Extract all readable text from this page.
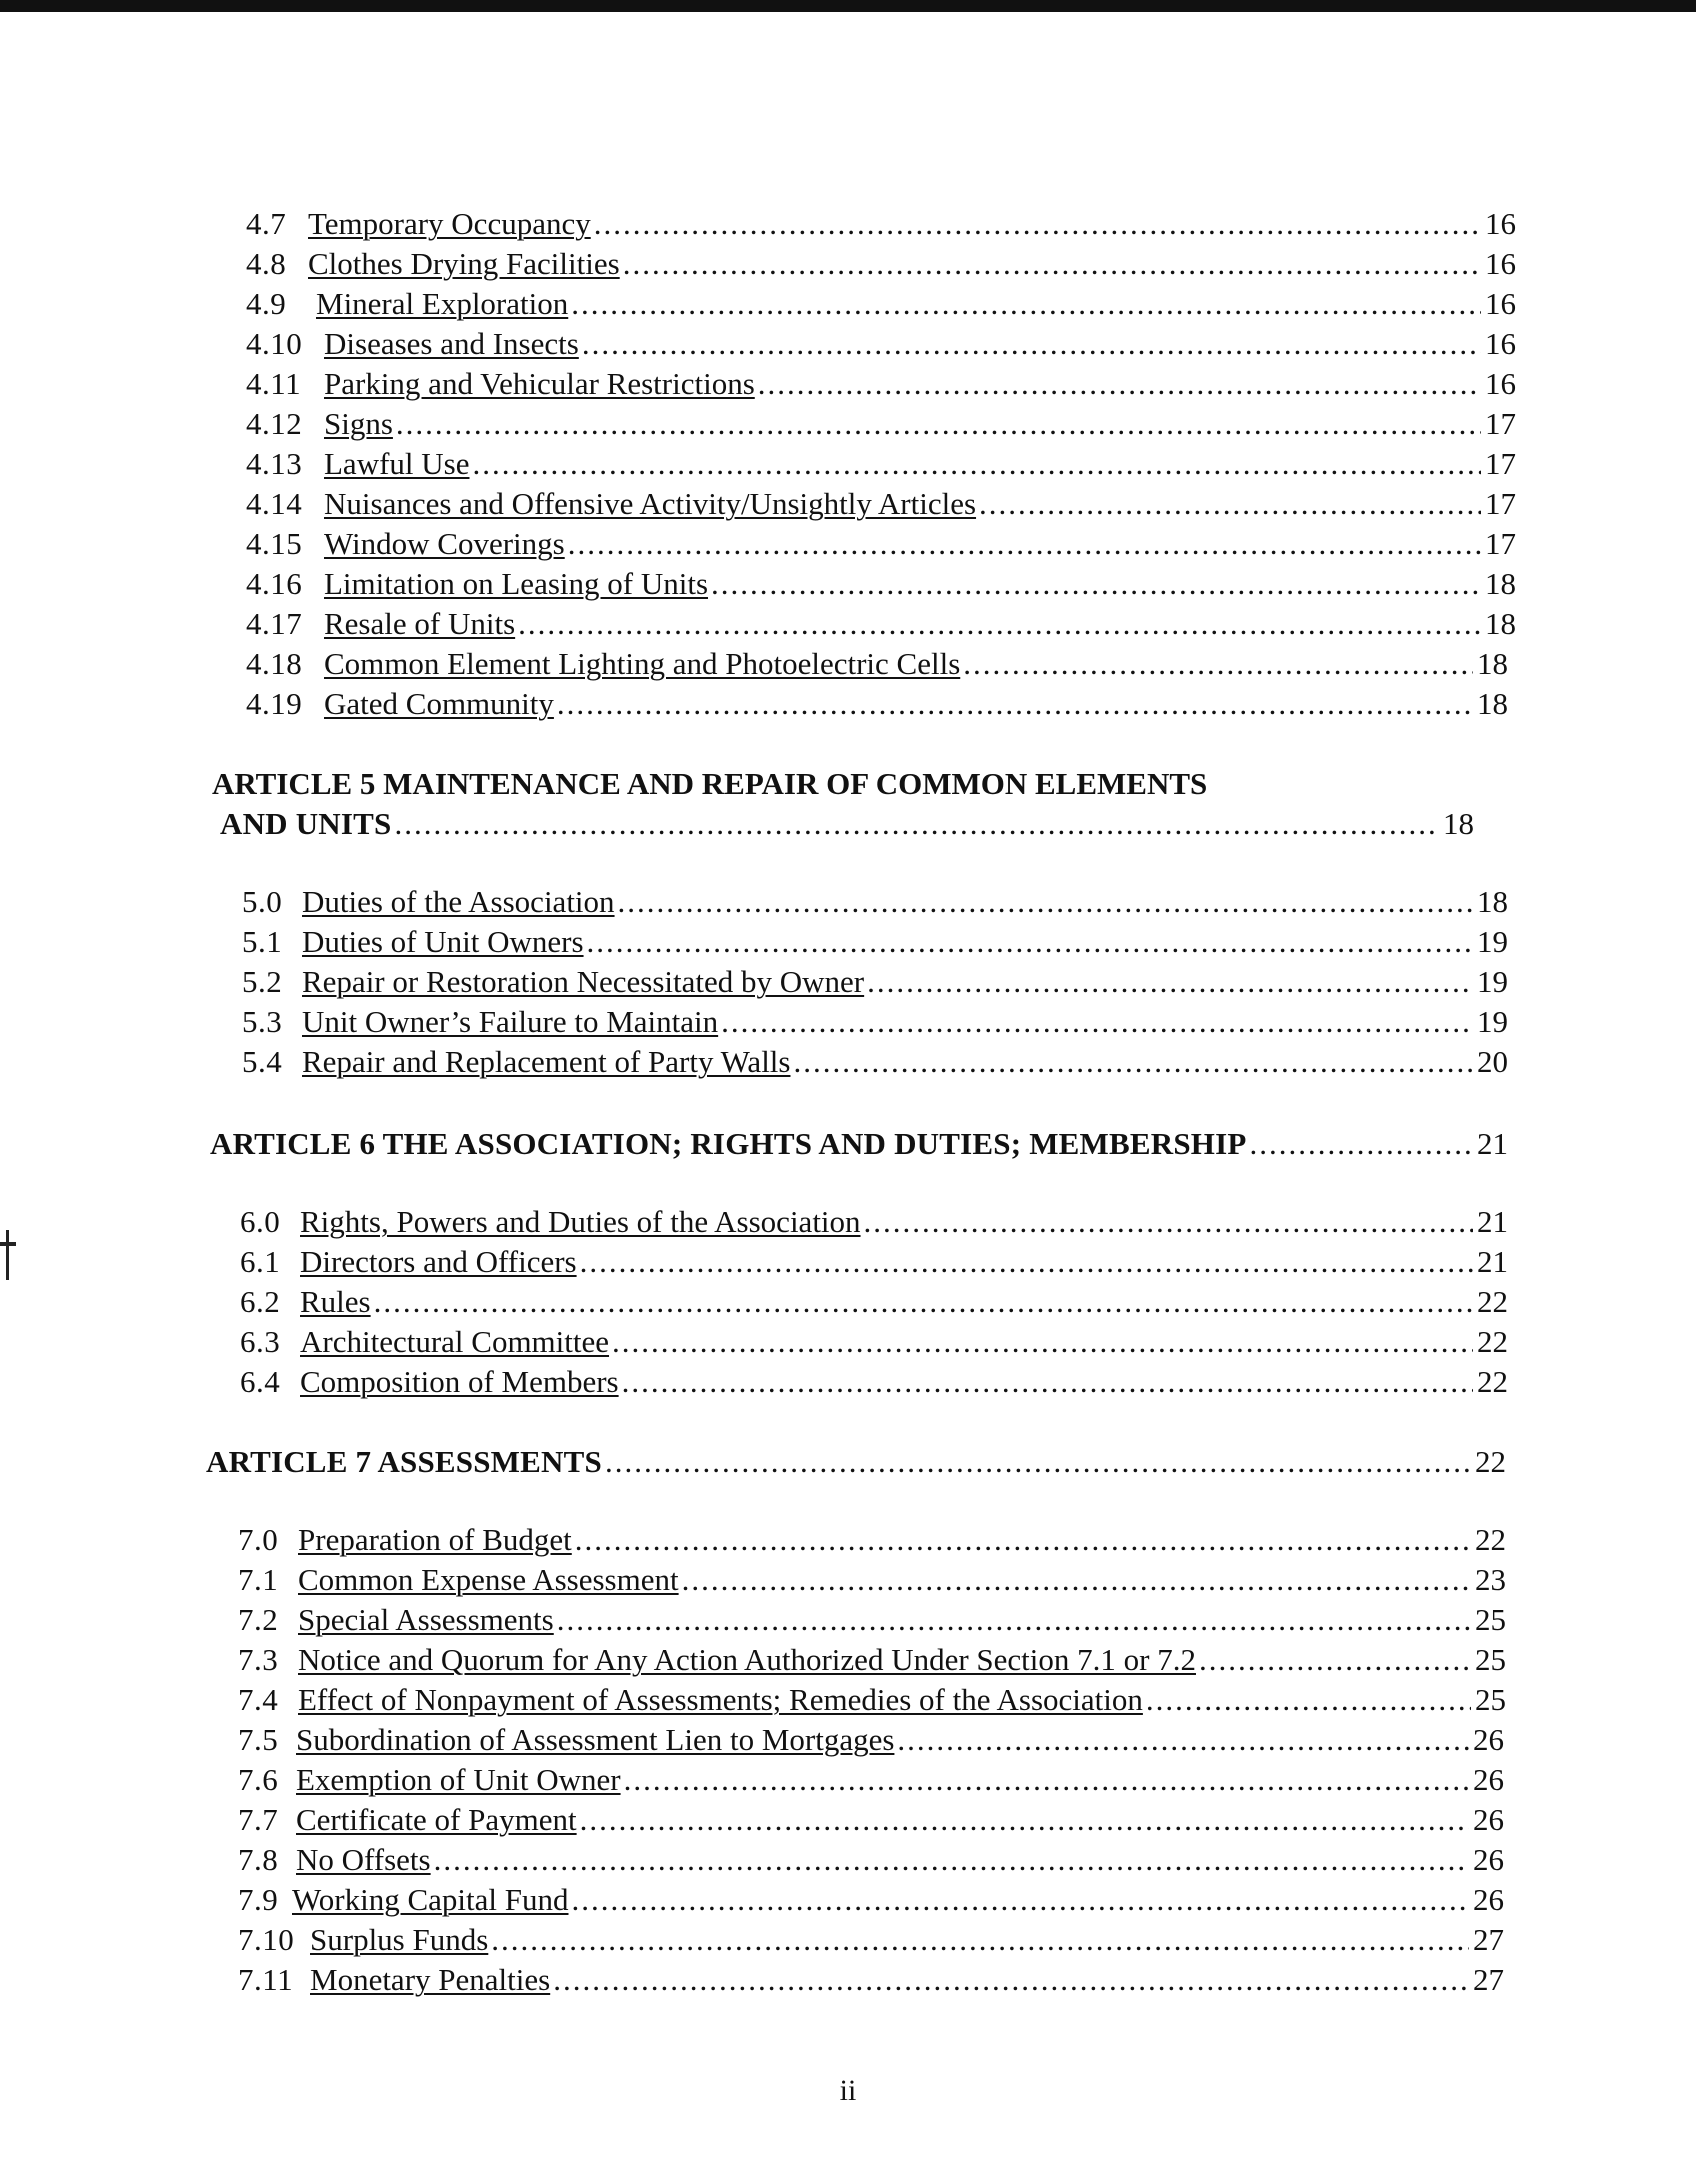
4.7 Temporary Occupancy .....	16
4.8 Clothes Drying Facilities .....	16
4.9 Mineral Exploration .....	16
4.10 Diseases and Insects .....	16
4.11 Parking and Vehicular Restrictions .....	16
4.12 Signs .....	17
4.13 Lawful Use .....	17
4.14 Nuisances and Offensive Activity/Unsightly Articles .....	17
4.15 Window Coverings .....	17
4.16 Limitation on Leasing of Units .....	18
4.17 Resale of Units .....	18
4.18 Common Element Lighting and Photoelectric Cells .....	18
4.19 Gated Community .....	18
ARTICLE 5 MAINTENANCE AND REPAIR OF COMMON ELEMENTS
AND UNITS .....	18
5.0 Duties of the Association .....	18
5.1 Duties of Unit Owners .....	19
5.2 Repair or Restoration Necessitated by Owner .....	19
5.3 Unit Owner’s Failure to Maintain .....	19
5.4 Repair and Replacement of Party Walls .....	20
ARTICLE 6 THE ASSOCIATION; RIGHTS AND DUTIES; MEMBERSHIP .....	21
6.0 Rights, Powers and Duties of the Association .....	21
6.1 Directors and Officers .....	21
6.2 Rules .....	22
6.3 Architectural Committee .....	22
6.4 Composition of Members .....	22
ARTICLE 7 ASSESSMENTS .....	22
7.0 Preparation of Budget .....	22
7.1 Common Expense Assessment .....	23
7.2 Special Assessments .....	25
7.3 Notice and Quorum for Any Action Authorized Under Section 7.1 or 7.2 .....	25
7.4 Effect of Nonpayment of Assessments; Remedies of the Association .....	25
7.5 Subordination of Assessment Lien to Mortgages .....	26
7.6 Exemption of Unit Owner .....	26
7.7 Certificate of Payment .....	26
7.8 No Offsets .....	26
7.9 Working Capital Fund .....	26
7.10 Surplus Funds .....	27
7.11 Monetary Penalties .....	27
ii
